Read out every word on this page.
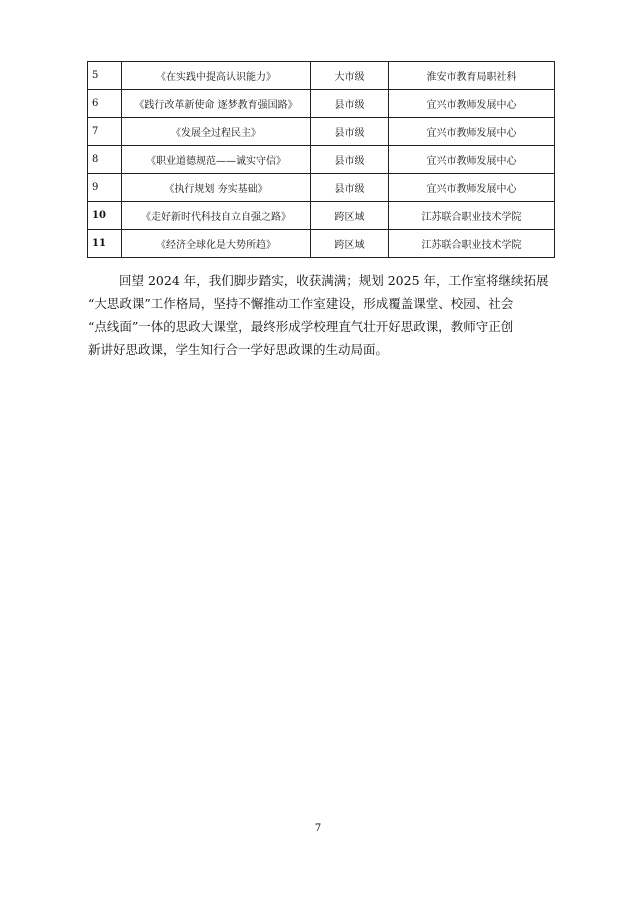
5	《在实践中提高认识能力》	大市级	淮安市教育局职社科
6	《践行改革新使命 逐梦教育强国路》	县市级	宜兴市教师发展中心
7	《发展全过程民主》	县市级	宜兴市教师发展中心
8	《职业道德规范——诚实守信》	县市级	宜兴市教师发展中心
9	《执行规划 夯实基础》	县市级	宜兴市教师发展中心
10	《走好新时代科技自立自强之路》	跨区域	江苏联合职业技术学院
11	《经济全球化是大势所趋》	跨区域	江苏联合职业技术学院
回望 2024 年，我们脚步踏实，收获满满；规划 2025 年，工作室将继续拓展
“大思政课”工作格局，坚持不懈推动工作室建设，形成覆盖课堂、校园、社会
“点线面”一体的思政大课堂，最终形成学校理直气壮开好思政课，教师守正创
新讲好思政课，学生知行合一学好思政课的生动局面。
7
